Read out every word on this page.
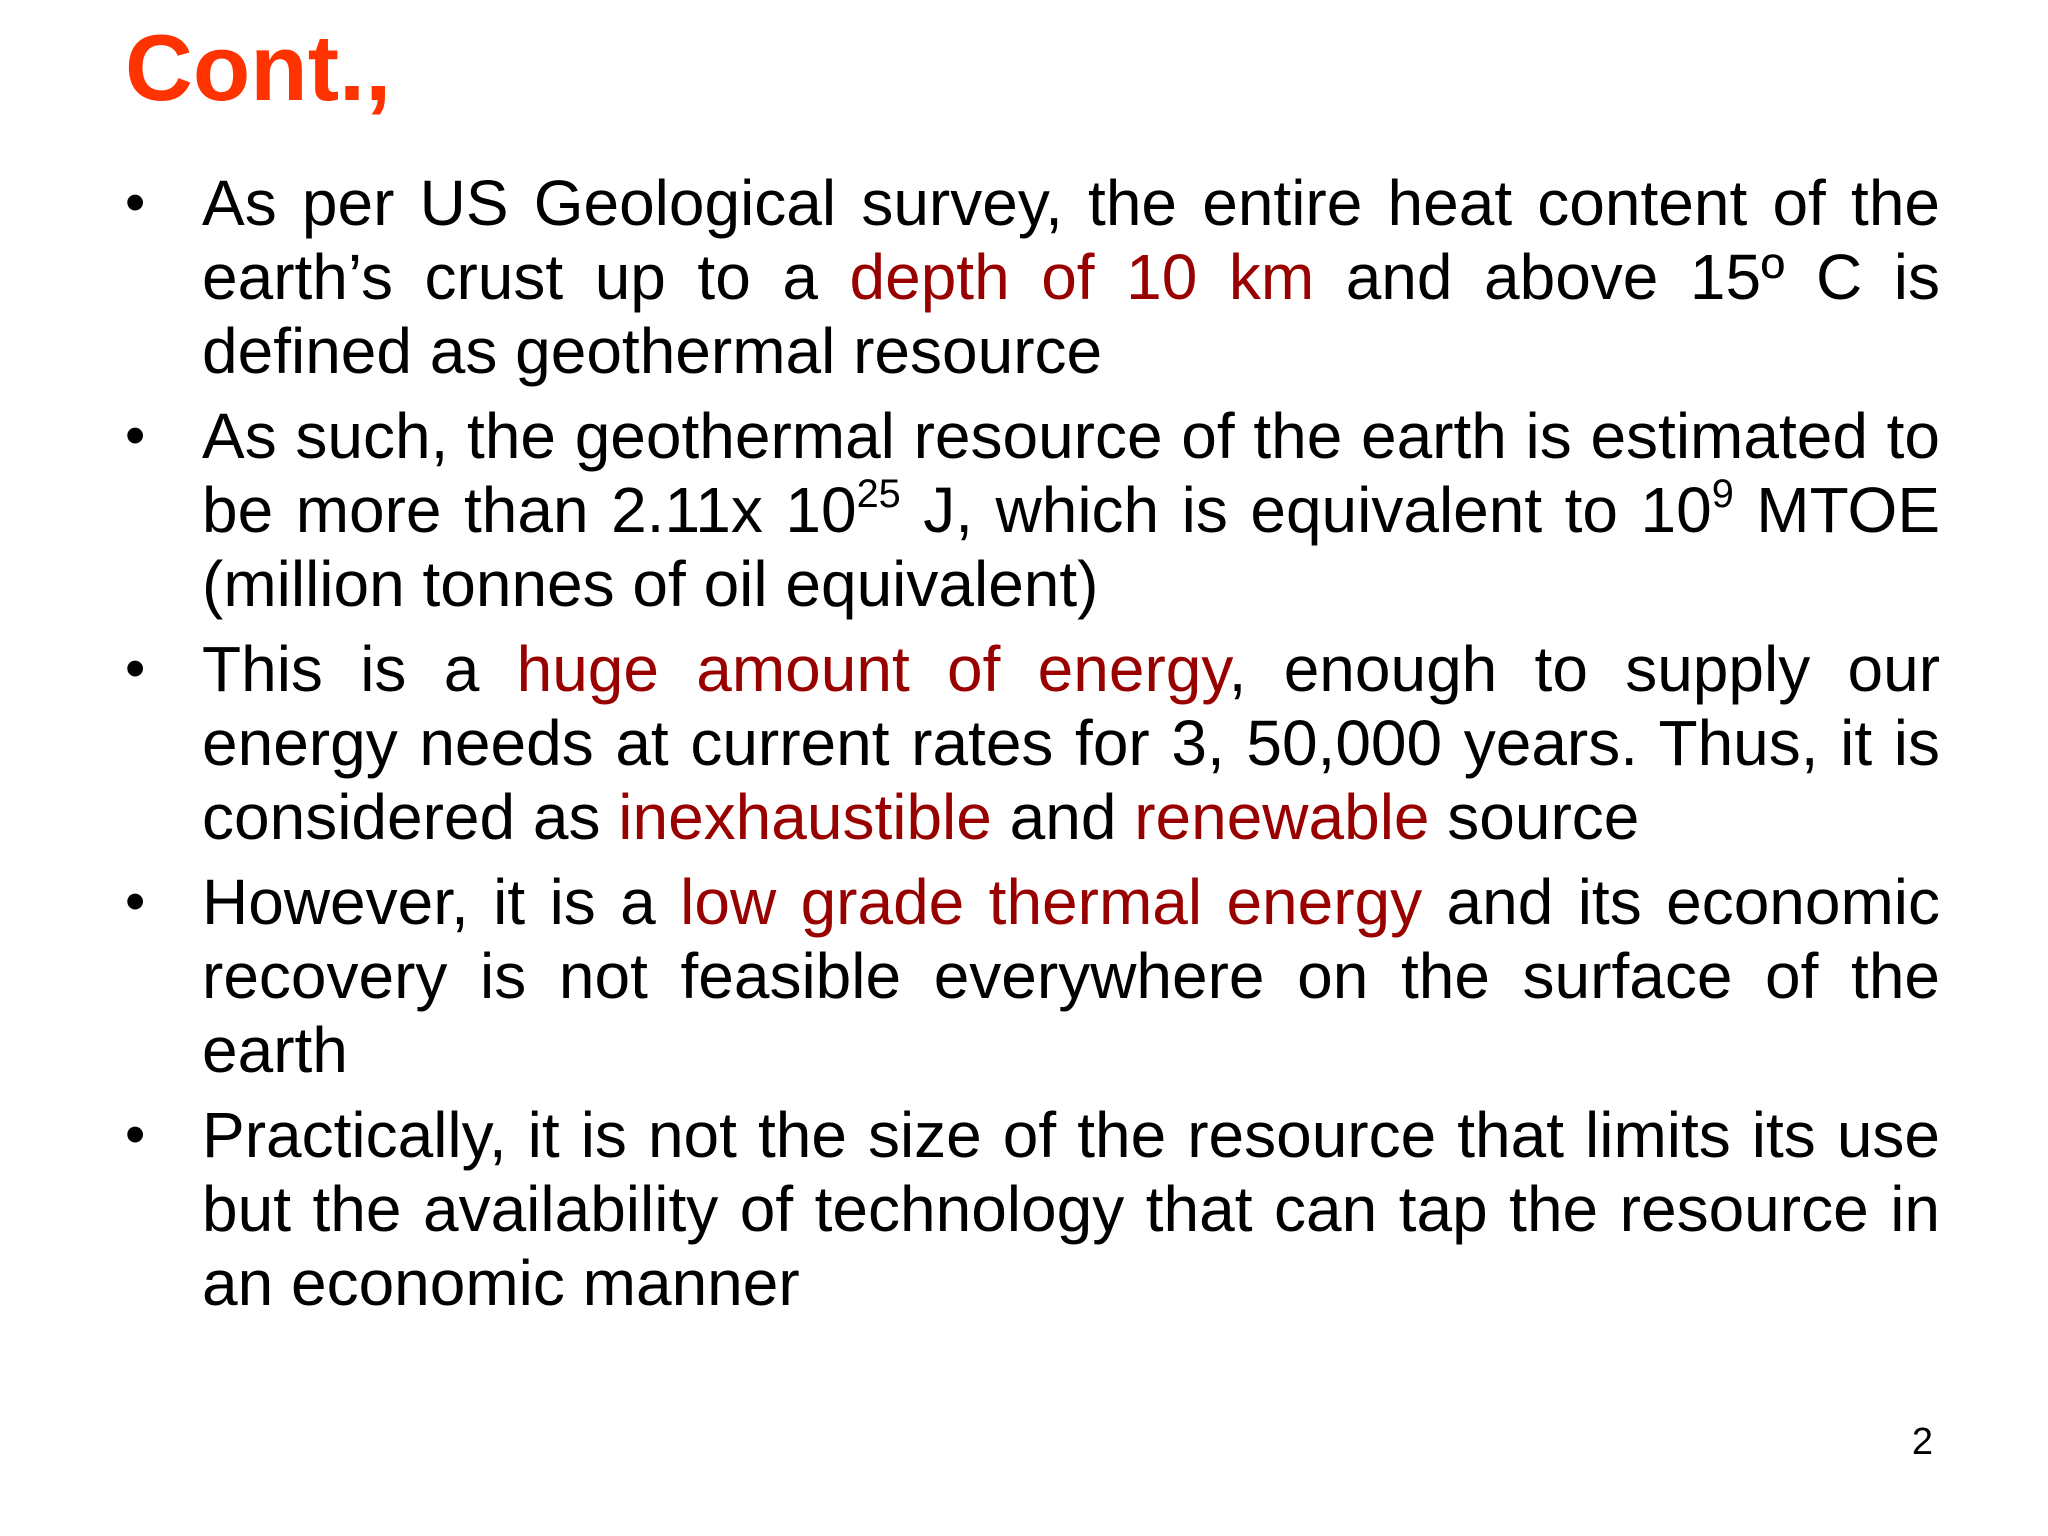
Cont.,
• As per US Geological survey, the entire heat content of the earth’s crust up to a depth of 10 km and above 15º C is defined as geothermal resource
• As such, the geothermal resource of the earth is estimated to be more than 2.11x $10^{25}$ J, which is equivalent to $10^9$ MTOE (million tonnes of oil equivalent)
• This is a huge amount of energy, enough to supply our energy needs at current rates for 3, 50,000 years. Thus, it is considered as inexhaustible and renewable source
• However, it is a low grade thermal energy and its economic recovery is not feasible everywhere on the surface of the earth
• Practically, it is not the size of the resource that limits its use but the availability of technology that can tap the resource in an economic manner
2
